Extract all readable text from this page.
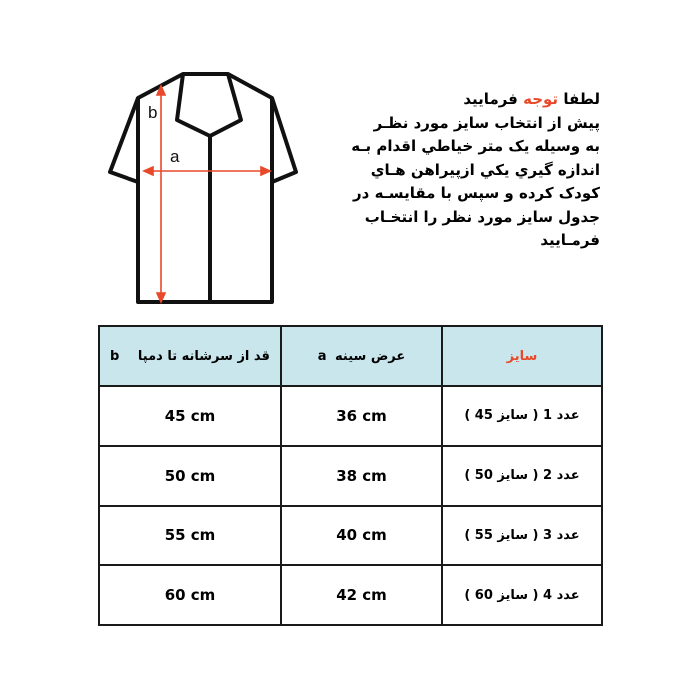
b
a
لطفا توجه فرمایید
پیش از انتخاب سایز مورد نظـر
به وسیله یک متر خیاطي اقدام بـه
اندازه گیري یکي ازپیراهن هـاي
کودک کرده و سپس با مقایسـه در
جدول سایز مورد نظر را انتخـاب
فرمـایید
b قد از سرشانه تا دمپا	a عرض سینه	سایز
45 cm	36 cm	عدد 1 ( سایز 45 )
50 cm	38 cm	عدد 2 ( سایز 50 )
55 cm	40 cm	عدد 3 ( سایز 55 )
60 cm	42 cm	عدد 4 ( سایز 60 )
